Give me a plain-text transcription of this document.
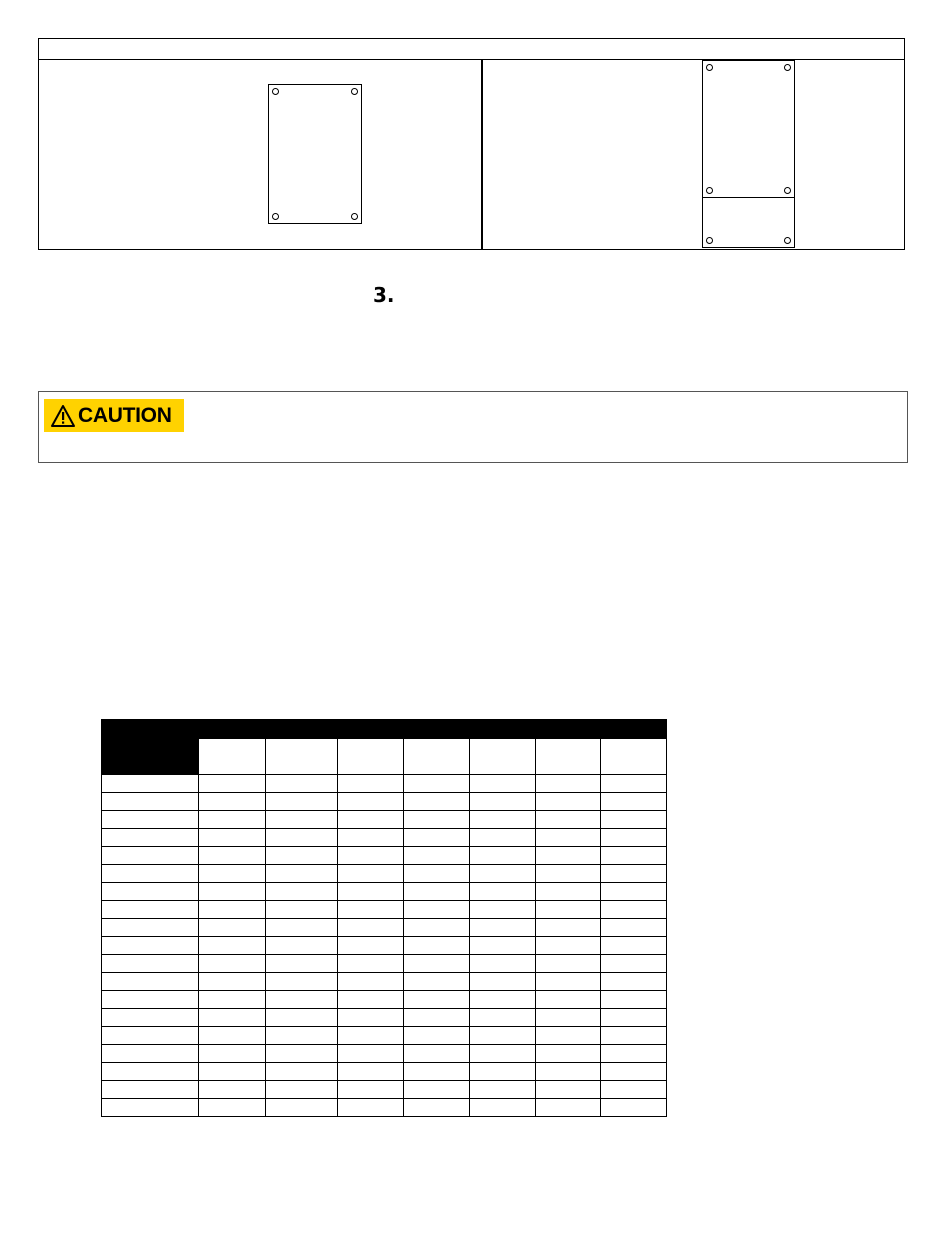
3.
CAUTION
